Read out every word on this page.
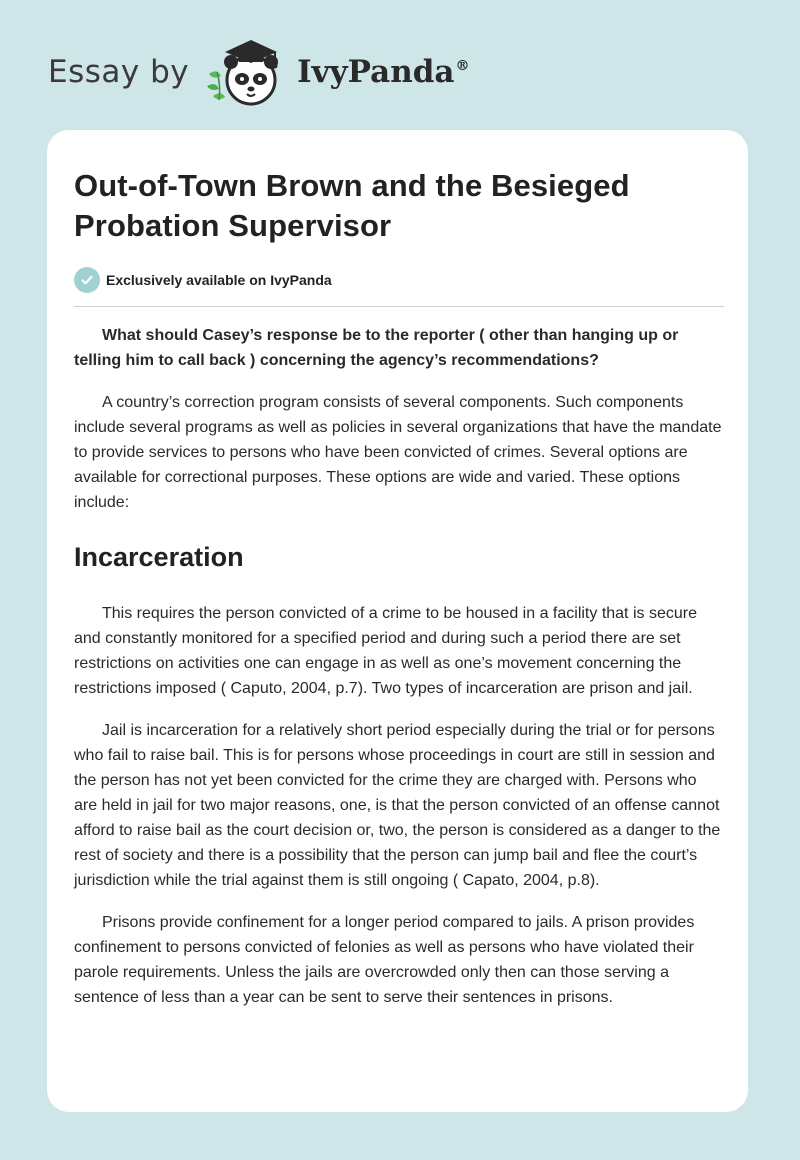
Essay by	IvyPanda®
Out-of-Town Brown and the Besieged Probation Supervisor
Exclusively available on IvyPanda

What should Casey’s response be to the reporter ( other than hanging up or telling him to call back ) concerning the agency’s recommendations?

A country’s correction program consists of several components. Such components include several programs as well as policies in several organizations that have the mandate to provide services to persons who have been convicted of crimes. Several options are available for correctional purposes. These options are wide and varied. These options include:

Incarceration

This requires the person convicted of a crime to be housed in a facility that is secure and constantly monitored for a specified period and during such a period there are set restrictions on activities one can engage in as well as one’s movement concerning the restrictions imposed ( Caputo, 2004, p.7). Two types of incarceration are prison and jail.

Jail is incarceration for a relatively short period especially during the trial or for persons who fail to raise bail. This is for persons whose proceedings in court are still in session and the person has not yet been convicted for the crime they are charged with. Persons who are held in jail for two major reasons, one, is that the person convicted of an offense cannot afford to raise bail as the court decision or, two, the person is considered as a danger to the rest of society and there is a possibility that the person can jump bail and flee the court’s jurisdiction while the trial against them is still ongoing ( Capato, 2004, p.8).

Prisons provide confinement for a longer period compared to jails. A prison provides confinement to persons convicted of felonies as well as persons who have violated their parole requirements. Unless the jails are overcrowded only then can those serving a sentence of less than a year can be sent to serve their sentences in prisons.
